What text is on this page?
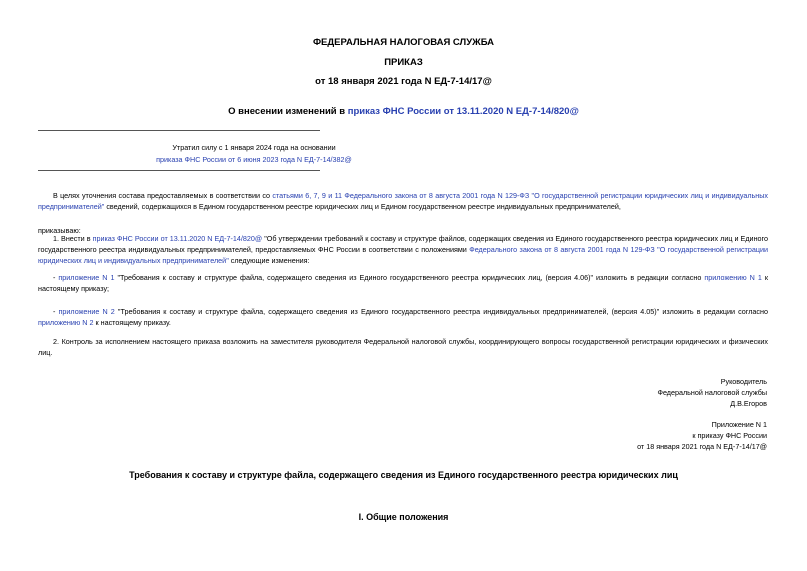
ФЕДЕРАЛЬНАЯ НАЛОГОВАЯ СЛУЖБА
ПРИКАЗ
от 18 января 2021 года N ЕД-7-14/17@
О внесении изменений в приказ ФНС России от 13.11.2020 N ЕД-7-14/820@
Утратил силу с 1 января 2024 года на основании
приказа ФНС России от 6 июня 2023 года N ЕД-7-14/382@
В целях уточнения состава предоставляемых в соответствии со статьями 6, 7, 9 и 11 Федерального закона от 8 августа 2001 года N 129-ФЗ "О государственной регистрации юридических лиц и индивидуальных предпринимателей" сведений, содержащихся в Едином государственном реестре юридических лиц и Едином государственном реестре индивидуальных предпринимателей,
приказываю:
1. Внести в приказ ФНС России от 13.11.2020 N ЕД-7-14/820@ "Об утверждении требований к составу и структуре файлов, содержащих сведения из Единого государственного реестра юридических лиц и Единого государственного реестра индивидуальных предпринимателей, предоставляемых ФНС России в соответствии с положениями Федерального закона от 8 августа 2001 года N 129-ФЗ "О государственной регистрации юридических лиц и индивидуальных предпринимателей" следующие изменения:
- приложение N 1 "Требования к составу и структуре файла, содержащего сведения из Единого государственного реестра юридических лиц, (версия 4.06)" изложить в редакции согласно приложению N 1 к настоящему приказу;
- приложение N 2 "Требования к составу и структуре файла, содержащего сведения из Единого государственного реестра индивидуальных предпринимателей, (версия 4.05)" изложить в редакции согласно приложению N 2 к настоящему приказу.
2. Контроль за исполнением настоящего приказа возложить на заместителя руководителя Федеральной налоговой службы, координирующего вопросы государственной регистрации юридических и физических лиц.
Руководитель
Федеральной налоговой службы
Д.В.Егоров
Приложение N 1
к приказу ФНС России
от 18 января 2021 года N ЕД-7-14/17@
Требования к составу и структуре файла, содержащего сведения из Единого государственного реестра юридических лиц
I. Общие положения
